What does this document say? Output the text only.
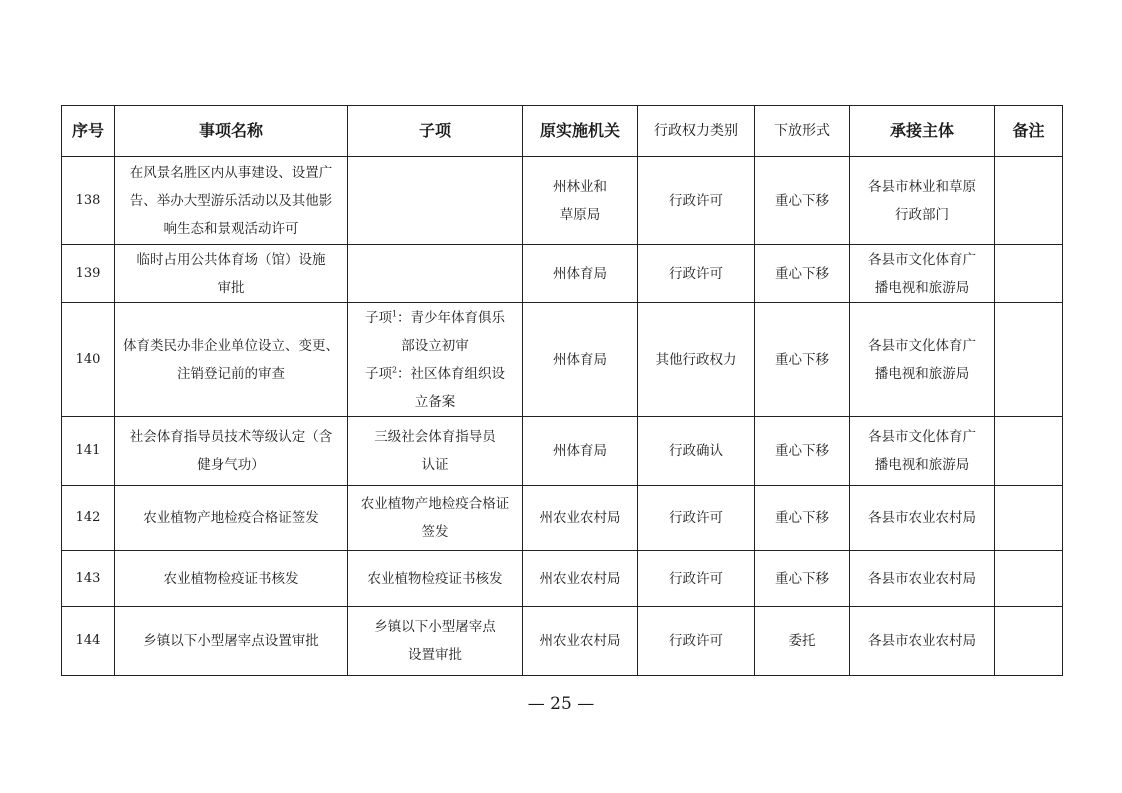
序号	事项名称	子项	原实施机关	行政权力类别	下放形式	承接主体	备注
138	在风景名胜区内从事建设、设置广
告、举办大型游乐活动以及其他影
响生态和景观活动许可		州林业和
草原局	行政许可	重心下移	各县市林业和草原
行政部门	

139	临时占用公共体育场（馆）设施
审批		州体育局	行政许可	重心下移	各县市文化体育广
播电视和旅游局	

140	体育类民办非企业单位设立、变更、
注销登记前的审查	子项$^1$：青少年体育俱乐
部设立初审
子项$^2$：社区体育组织设
立备案	州体育局	其他行政权力	重心下移	各县市文化体育广
播电视和旅游局	

141	社会体育指导员技术等级认定（含
健身气功）	三级社会体育指导员
认证	州体育局	行政确认	重心下移	各县市文化体育广
播电视和旅游局	

142	农业植物产地检疫合格证签发	农业植物产地检疫合格证
签发	州农业农村局	行政许可	重心下移	各县市农业农村局	

143	农业植物检疫证书核发	农业植物检疫证书核发	州农业农村局	行政许可	重心下移	各县市农业农村局	

144	乡镇以下小型屠宰点设置审批	乡镇以下小型屠宰点
设置审批	州农业农村局	行政许可	委托	各县市农业农村局	

— 25 —
